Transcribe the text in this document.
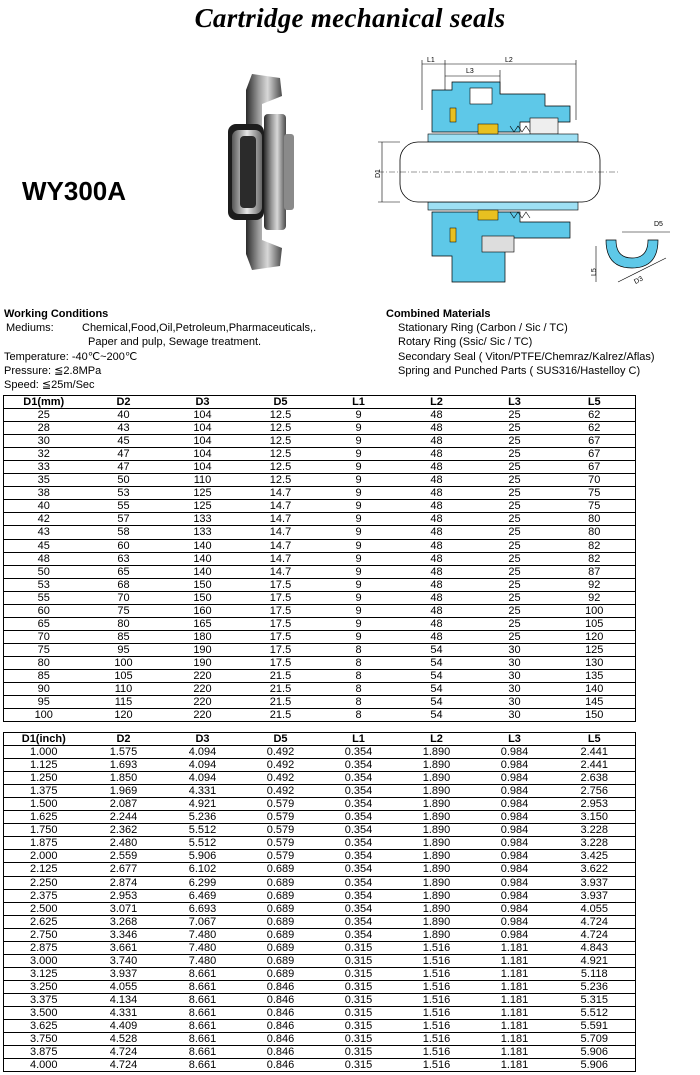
Cartridge mechanical seals
WY300A
L1	L2
L3
D1
D5
L5
D3
Working Conditions
Mediums:	Chemical,Food,Oil,Petroleum,Pharmaceuticals,.
Paper and pulp, Sewage treatment.
Temperature: -40℃~200℃
Pressure: ≦2.8MPa
Speed: ≦25m/Sec
Combined Materials
Stationary Ring (Carbon / Sic / TC)
Rotary Ring (Ssic/ Sic / TC)
Secondary Seal ( Viton/PTFE/Chemraz/Kalrez/Aflas)
Spring and Punched Parts ( SUS316/Hastelloy C)
D1(mm)	D2	D3	D5	L1	L2	L3	L5
25	40	104	12.5	9	48	25	62
28	43	104	12.5	9	48	25	62
30	45	104	12.5	9	48	25	67
32	47	104	12.5	9	48	25	67
33	47	104	12.5	9	48	25	67
35	50	110	12.5	9	48	25	70
38	53	125	14.7	9	48	25	75
40	55	125	14.7	9	48	25	75
42	57	133	14.7	9	48	25	80
43	58	133	14.7	9	48	25	80
45	60	140	14.7	9	48	25	82
48	63	140	14.7	9	48	25	82
50	65	140	14.7	9	48	25	87
53	68	150	17.5	9	48	25	92
55	70	150	17.5	9	48	25	92
60	75	160	17.5	9	48	25	100
65	80	165	17.5	9	48	25	105
70	85	180	17.5	9	48	25	120
75	95	190	17.5	8	54	30	125
80	100	190	17.5	8	54	30	130
85	105	220	21.5	8	54	30	135
90	110	220	21.5	8	54	30	140
95	115	220	21.5	8	54	30	145
100	120	220	21.5	8	54	30	150
D1(inch)	D2	D3	D5	L1	L2	L3	L5
1.000	1.575	4.094	0.492	0.354	1.890	0.984	2.441
1.125	1.693	4.094	0.492	0.354	1.890	0.984	2.441
1.250	1.850	4.094	0.492	0.354	1.890	0.984	2.638
1.375	1.969	4.331	0.492	0.354	1.890	0.984	2.756
1.500	2.087	4.921	0.579	0.354	1.890	0.984	2.953
1.625	2.244	5.236	0.579	0.354	1.890	0.984	3.150
1.750	2.362	5.512	0.579	0.354	1.890	0.984	3.228
1.875	2.480	5.512	0.579	0.354	1.890	0.984	3.228
2.000	2.559	5.906	0.579	0.354	1.890	0.984	3.425
2.125	2.677	6.102	0.689	0.354	1.890	0.984	3.622
2.250	2.874	6.299	0.689	0.354	1.890	0.984	3.937
2.375	2.953	6.469	0.689	0.354	1.890	0.984	3.937
2.500	3.071	6.693	0.689	0.354	1.890	0.984	4.055
2.625	3.268	7.067	0.689	0.354	1.890	0.984	4.724
2.750	3.346	7.480	0.689	0.354	1.890	0.984	4.724
2.875	3.661	7.480	0.689	0.315	1.516	1.181	4.843
3.000	3.740	7.480	0.689	0.315	1.516	1.181	4.921
3.125	3.937	8.661	0.689	0.315	1.516	1.181	5.118
3.250	4.055	8.661	0.846	0.315	1.516	1.181	5.236
3.375	4.134	8.661	0.846	0.315	1.516	1.181	5.315
3.500	4.331	8.661	0.846	0.315	1.516	1.181	5.512
3.625	4.409	8.661	0.846	0.315	1.516	1.181	5.591
3.750	4.528	8.661	0.846	0.315	1.516	1.181	5.709
3.875	4.724	8.661	0.846	0.315	1.516	1.181	5.906
4.000	4.724	8.661	0.846	0.315	1.516	1.181	5.906
